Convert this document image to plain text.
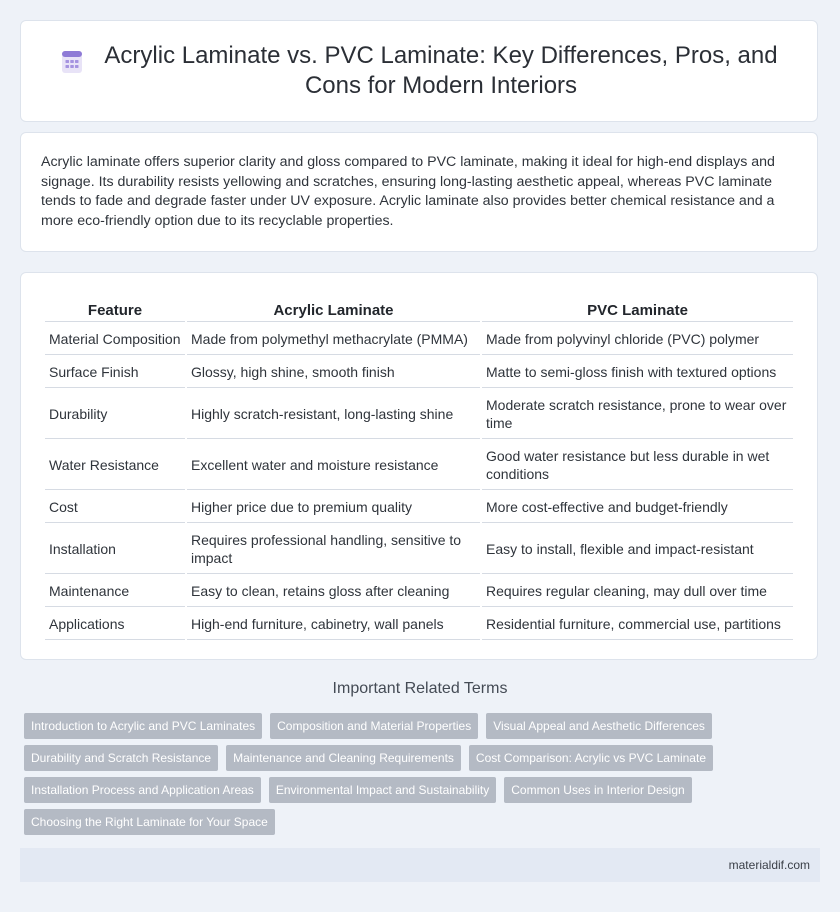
Acrylic Laminate vs. PVC Laminate: Key Differences, Pros, and Cons for Modern Interiors

Acrylic laminate offers superior clarity and gloss compared to PVC laminate, making it ideal for high-end displays and signage. Its durability resists yellowing and scratches, ensuring long-lasting aesthetic appeal, whereas PVC laminate tends to fade and degrade faster under UV exposure. Acrylic laminate also provides better chemical resistance and a more eco-friendly option due to its recyclable properties.

Feature	Acrylic Laminate	PVC Laminate
Material Composition	Made from polymethyl methacrylate (PMMA)	Made from polyvinyl chloride (PVC) polymer
Surface Finish	Glossy, high shine, smooth finish	Matte to semi-gloss finish with textured options
Durability	Highly scratch-resistant, long-lasting shine	Moderate scratch resistance, prone to wear over time
Water Resistance	Excellent water and moisture resistance	Good water resistance but less durable in wet conditions
Cost	Higher price due to premium quality	More cost-effective and budget-friendly
Installation	Requires professional handling, sensitive to impact	Easy to install, flexible and impact-resistant
Maintenance	Easy to clean, retains gloss after cleaning	Requires regular cleaning, may dull over time
Applications	High-end furniture, cabinetry, wall panels	Residential furniture, commercial use, partitions
Important Related Terms
Introduction to Acrylic and PVC Laminates	Composition and Material Properties	Visual Appeal and Aesthetic Differences
Durability and Scratch Resistance	Maintenance and Cleaning Requirements	Cost Comparison: Acrylic vs PVC Laminate
Installation Process and Application Areas	Environmental Impact and Sustainability	Common Uses in Interior Design
Choosing the Right Laminate for Your Space
materialdif.com
